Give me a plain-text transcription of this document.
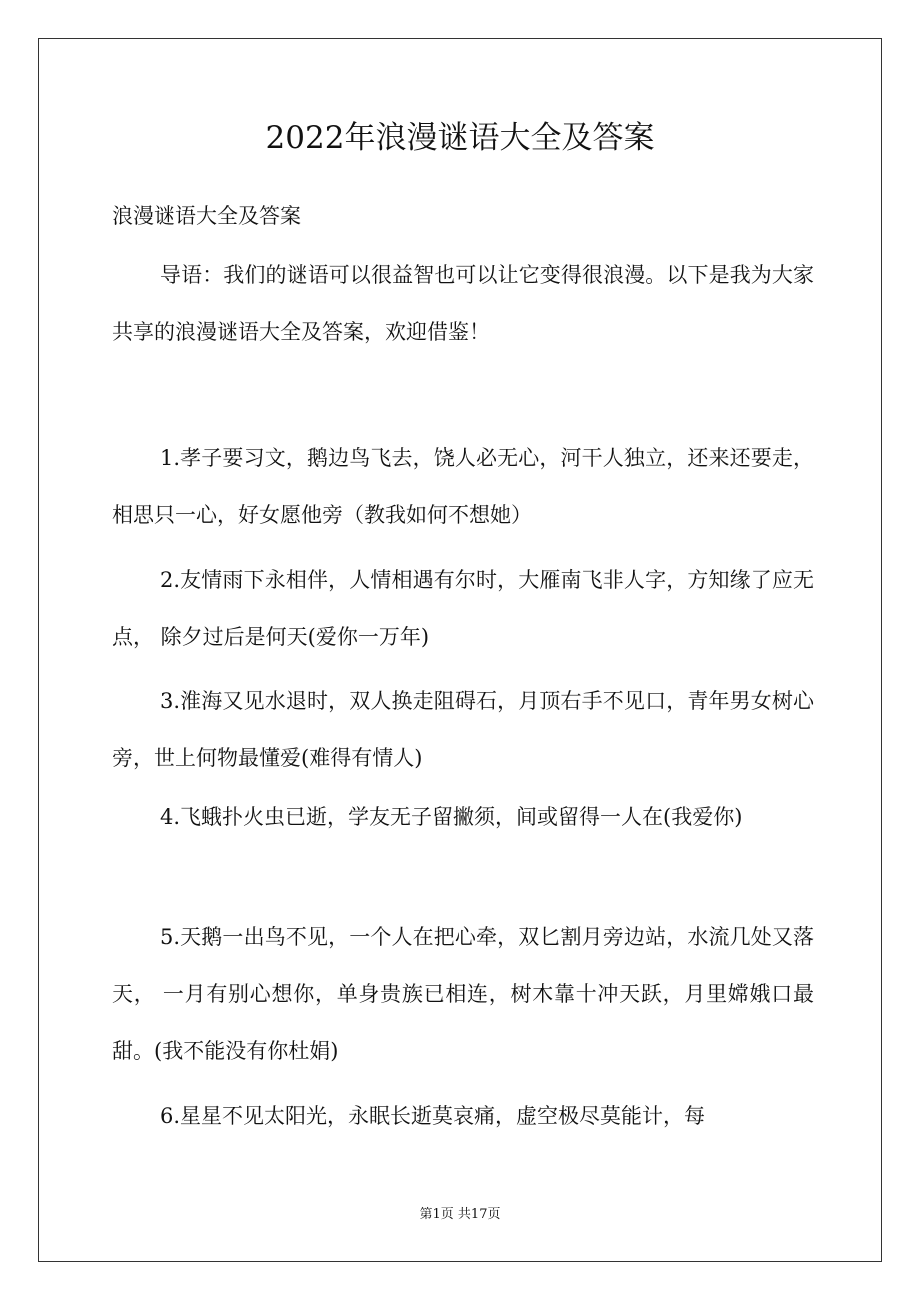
2022年浪漫谜语大全及答案
浪漫谜语大全及答案

导语：我们的谜语可以很益智也可以让它变得很浪漫。以下是我为大家共享的浪漫谜语大全及答案，欢迎借鉴！

1.孝子要习文，鹅边鸟飞去，饶人必无心，河干人独立，还来还要走，相思只一心，好女愿他旁（教我如何不想她）

2.友情雨下永相伴，人情相遇有尔时，大雁南飞非人字，方知缘了应无点， 除夕过后是何天(爱你一万年)

3.淮海又见水退时，双人换走阻碍石，月顶右手不见口，青年男女树心旁，世上何物最懂爱(难得有情人)

4.飞蛾扑火虫已逝，学友无子留撇须，间或留得一人在(我爱你)

5.天鹅一出鸟不见，一个人在把心牵，双匕割月旁边站，水流几处又落天， 一月有别心想你，单身贵族已相连，树木靠十冲天跃，月里嫦娥口最甜。(我不能没有你杜娟)

6.星星不见太阳光，永眠长逝莫哀痛，虚空极尽莫能计，每

第1页 共17页
